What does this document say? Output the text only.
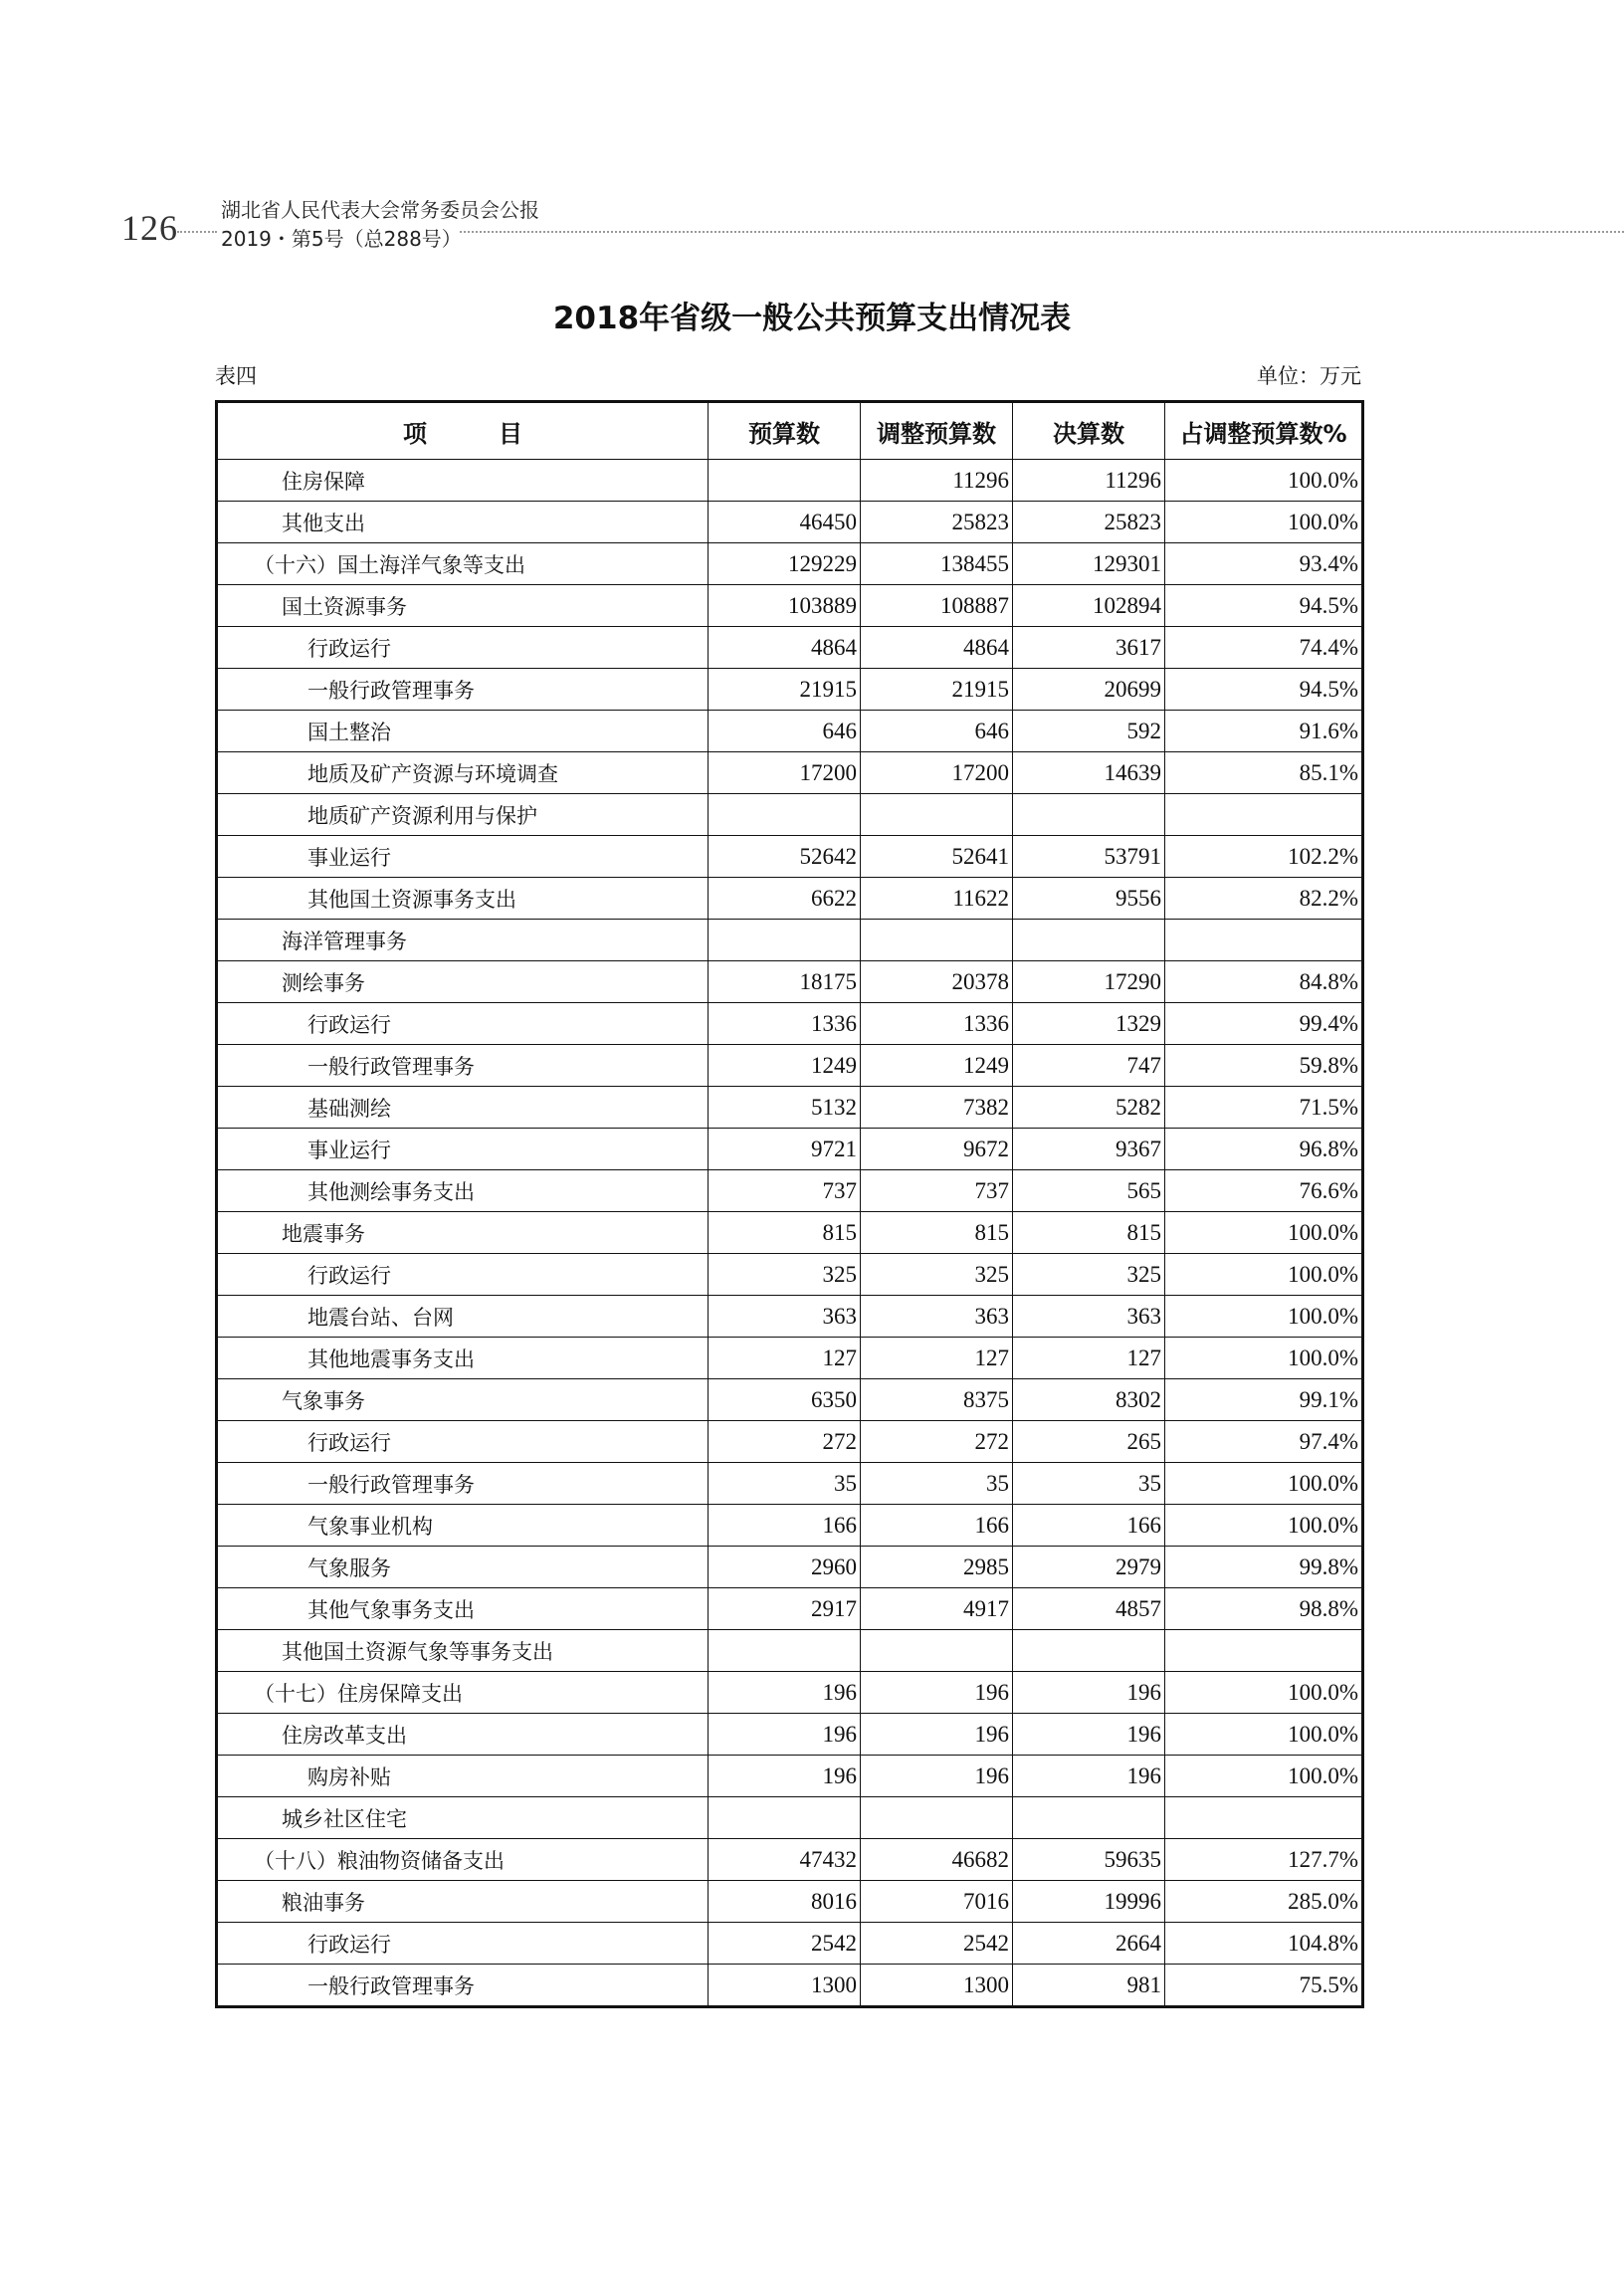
126 湖北省人民代表大会常务委员会公报
2019・第5号（总288号）
2018年省级一般公共预算支出情况表
表四	单位：万元
项　　　目	预算数	调整预算数	决算数	占调整预算数%
住房保障		11296	11296	100.0%
其他支出	46450	25823	25823	100.0%
（十六）国土海洋气象等支出	129229	138455	129301	93.4%
国土资源事务	103889	108887	102894	94.5%
行政运行	4864	4864	3617	74.4%
一般行政管理事务	21915	21915	20699	94.5%
国土整治	646	646	592	91.6%
地质及矿产资源与环境调查	17200	17200	14639	85.1%
地质矿产资源利用与保护				
事业运行	52642	52641	53791	102.2%
其他国土资源事务支出	6622	11622	9556	82.2%
海洋管理事务				
测绘事务	18175	20378	17290	84.8%
行政运行	1336	1336	1329	99.4%
一般行政管理事务	1249	1249	747	59.8%
基础测绘	5132	7382	5282	71.5%
事业运行	9721	9672	9367	96.8%
其他测绘事务支出	737	737	565	76.6%
地震事务	815	815	815	100.0%
行政运行	325	325	325	100.0%
地震台站、台网	363	363	363	100.0%
其他地震事务支出	127	127	127	100.0%
气象事务	6350	8375	8302	99.1%
行政运行	272	272	265	97.4%
一般行政管理事务	35	35	35	100.0%
气象事业机构	166	166	166	100.0%
气象服务	2960	2985	2979	99.8%
其他气象事务支出	2917	4917	4857	98.8%
其他国土资源气象等事务支出				
（十七）住房保障支出	196	196	196	100.0%
住房改革支出	196	196	196	100.0%
购房补贴	196	196	196	100.0%
城乡社区住宅				
（十八）粮油物资储备支出	47432	46682	59635	127.7%
粮油事务	8016	7016	19996	285.0%
行政运行	2542	2542	2664	104.8%
一般行政管理事务	1300	1300	981	75.5%
